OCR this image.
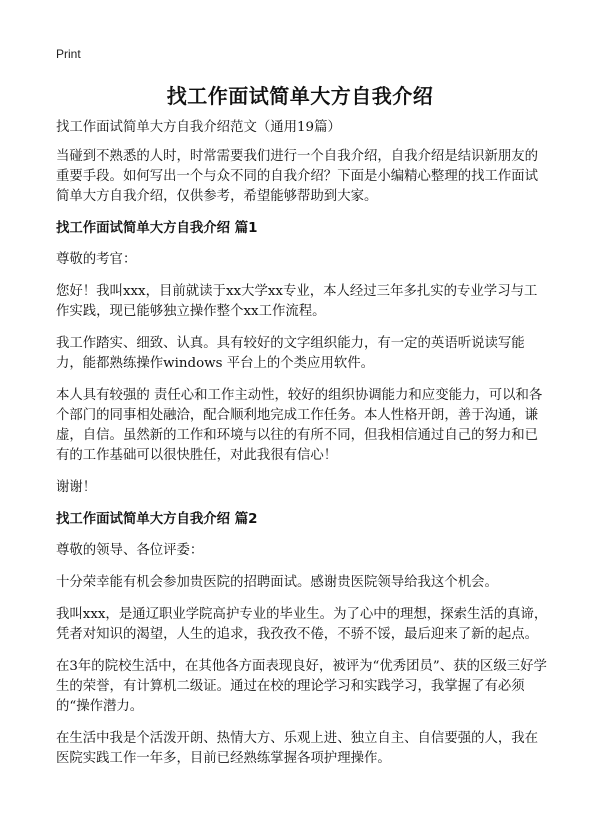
Print
找工作面试简单大方自我介绍

找工作面试简单大方自我介绍范文（通用19篇）

当碰到不熟悉的人时，时常需要我们进行一个自我介绍，自我介绍是结识新朋友的重要手段。如何写出一个与众不同的自我介绍？下面是小编精心整理的找工作面试简单大方自我介绍，仅供参考，希望能够帮助到大家。

找工作面试简单大方自我介绍 篇1

尊敬的考官：

您好！我叫xxx，目前就读于xx大学xx专业，本人经过三年多扎实的专业学习与工作实践，现已能够独立操作整个xx工作流程。

我工作踏实、细致、认真。具有较好的文字组织能力，有一定的英语听说读写能力，能都熟练操作windows 平台上的个类应用软件。

本人具有较强的 责任心和工作主动性，较好的组织协调能力和应变能力，可以和各个部门的同事相处融洽，配合顺利地完成工作任务。本人性格开朗，善于沟通，谦虚，自信。虽然新的工作和环境与以往的有所不同，但我相信通过自己的努力和已有的工作基础可以很快胜任，对此我很有信心！

谢谢！

找工作面试简单大方自我介绍 篇2

尊敬的领导、各位评委：

十分荣幸能有机会参加贵医院的招聘面试。感谢贵医院领导给我这个机会。

我叫xxx，是通辽职业学院高护专业的毕业生。为了心中的理想，探索生活的真谛，凭者对知识的渴望，人生的追求，我孜孜不倦，不骄不馁，最后迎来了新的起点。

在3年的院校生活中，在其他各方面表现良好，被评为“优秀团员”、获的区级三好学生的荣誉，有计算机二级证。通过在校的理论学习和实践学习，我掌握了有必须的“操作潜力。

在生活中我是个活泼开朗、热情大方、乐观上进、独立自主、自信要强的人，我在医院实践工作一年多，目前已经熟练掌握各项护理操作。
